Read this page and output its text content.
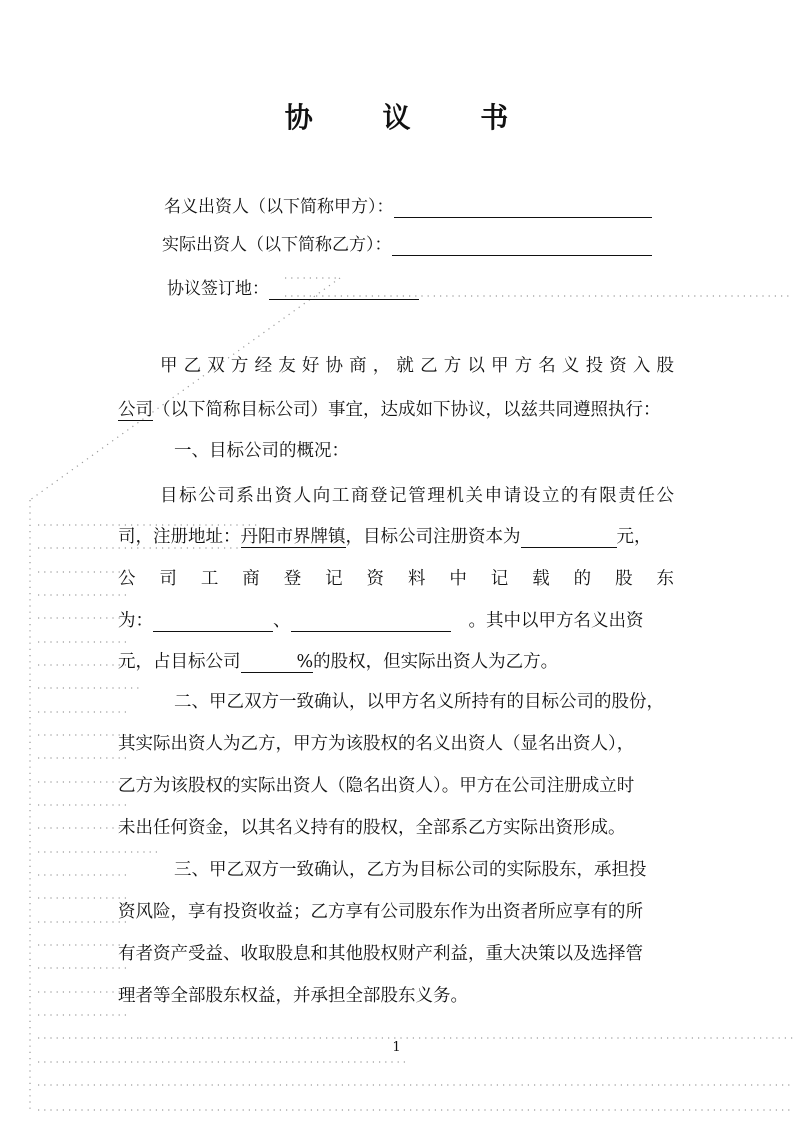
协 议 书
名义出资人（以下简称甲方）：
实际出资人（以下简称乙方）：
协议签订地：
甲乙双方经友好协商，就乙方以甲方名义投资入股
公司（以下简称目标公司）事宜，达成如下协议，以兹共同遵照执行：
一、目标公司的概况：
目标公司系出资人向工商登记管理机关申请设立的有限责任公
司，注册地址：丹阳市界牌镇，目标公司注册资本为	元，
公 司 工 商 登 记 资 料 中 记 载 的 股 东
为：	、	。其中以甲方名义出资
元，占目标公司	%的股权，但实际出资人为乙方。
二、甲乙双方一致确认，以甲方名义所持有的目标公司的股份，
其实际出资人为乙方，甲方为该股权的名义出资人（显名出资人），
乙方为该股权的实际出资人（隐名出资人）。甲方在公司注册成立时
未出任何资金，以其名义持有的股权，全部系乙方实际出资形成。
三、甲乙双方一致确认，乙方为目标公司的实际股东，承担投
资风险，享有投资收益；乙方享有公司股东作为出资者所应享有的所
有者资产受益、收取股息和其他股权财产利益，重大决策以及选择管
理者等全部股东权益，并承担全部股东义务。
1
